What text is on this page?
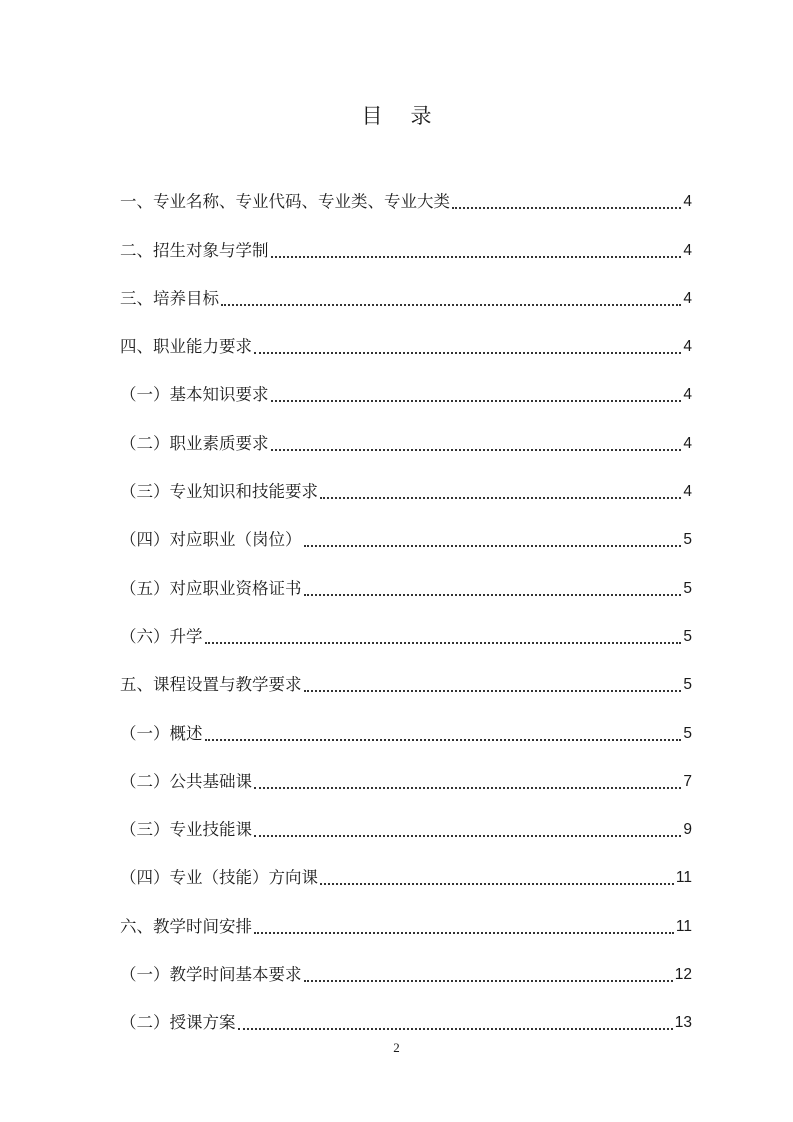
目录
一、专业名称、专业代码、专业类、专业大类	4
二、招生对象与学制	4
三、培养目标	4
四、职业能力要求	4
（一）基本知识要求	4
（二）职业素质要求	4
（三）专业知识和技能要求	4
（四）对应职业（岗位）	5
（五）对应职业资格证书	5
（六）升学	5
五、课程设置与教学要求	5
（一）概述	5
（二）公共基础课	7
（三）专业技能课	9
（四）专业（技能）方向课	11
六、教学时间安排	11
（一）教学时间基本要求	12
（二）授课方案	13
2
